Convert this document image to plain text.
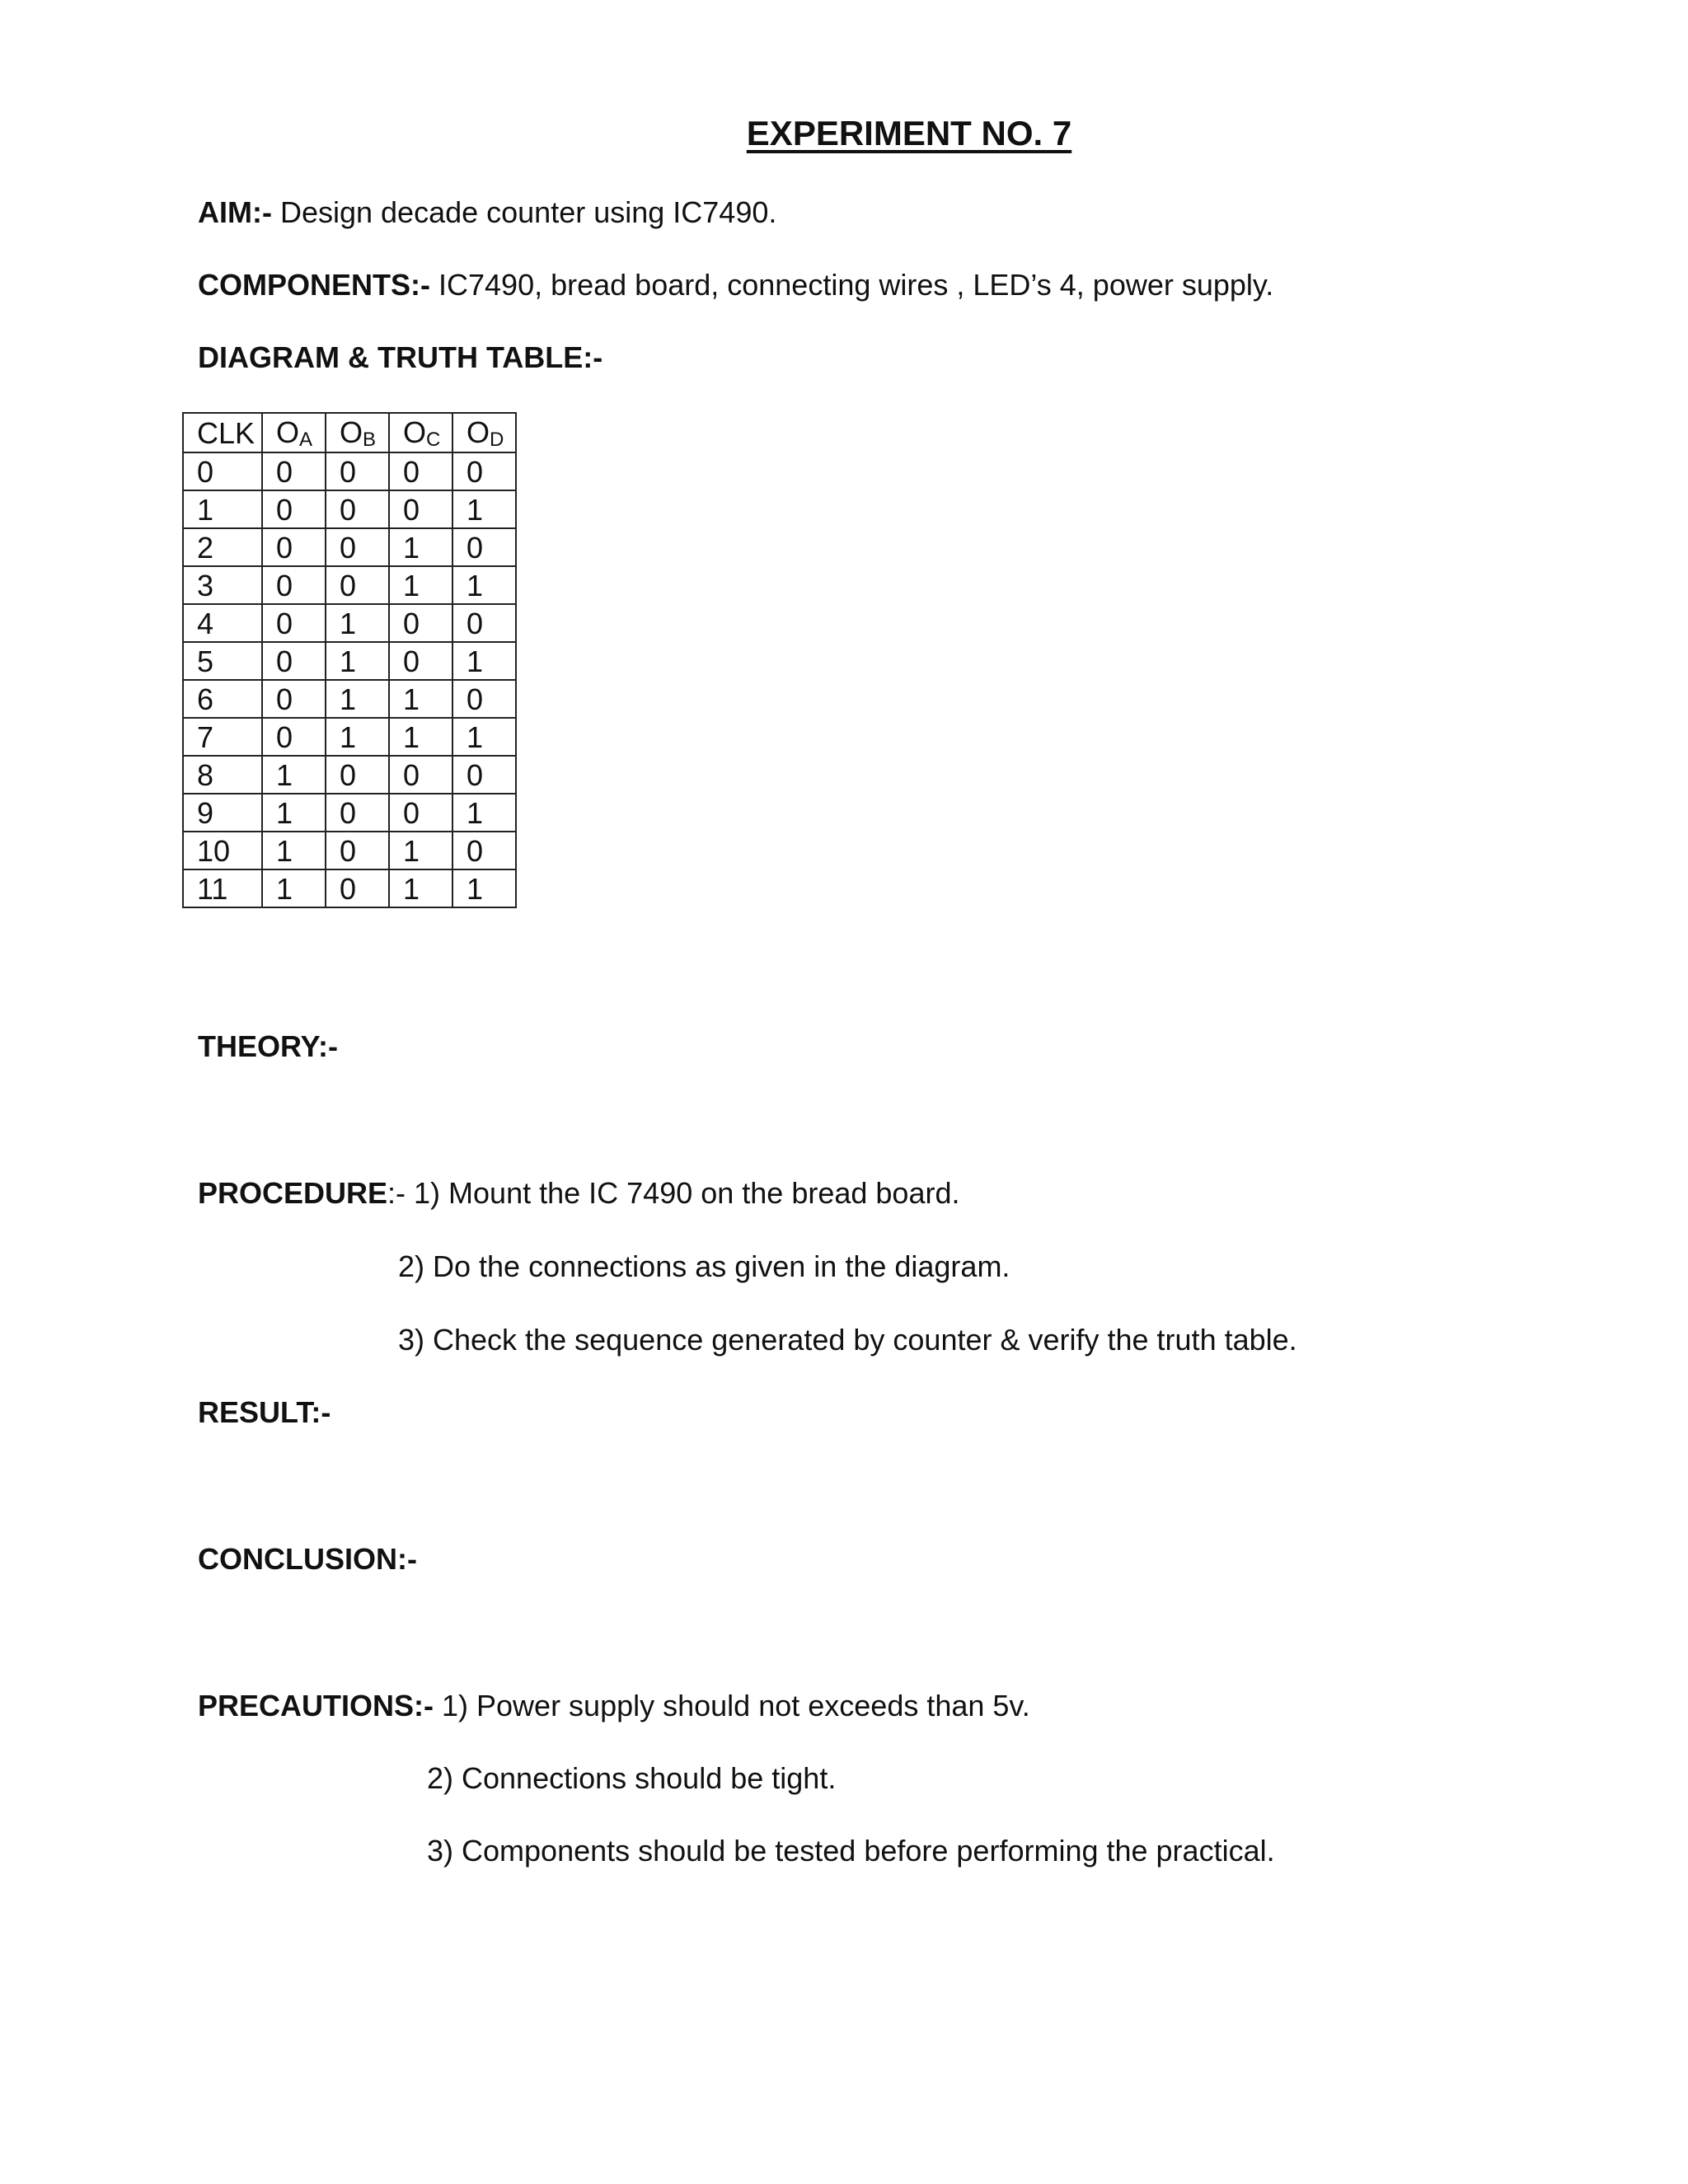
EXPERIMENT NO. 7
AIM:- Design decade counter using IC7490.
COMPONENTS:- IC7490, bread board, connecting wires , LED’s 4, power supply.
DIAGRAM & TRUTH TABLE:-
CLK	$O_A$	$O_B$	$O_C$	$O_D$
0	0	0	0	0
1	0	0	0	1
2	0	0	1	0
3	0	0	1	1
4	0	1	0	0
5	0	1	0	1
6	0	1	1	0
7	0	1	1	1
8	1	0	0	0
9	1	0	0	1
10	1	0	1	0
11	1	0	1	1
THEORY:-
PROCEDURE:- 1) Mount the IC 7490 on the bread board.
2) Do the connections as given in the diagram.
3) Check the sequence generated by counter & verify the truth table.
RESULT:-
CONCLUSION:-
PRECAUTIONS:- 1) Power supply should not exceeds than 5v.
2) Connections should be tight.
3) Components should be tested before performing the practical.
